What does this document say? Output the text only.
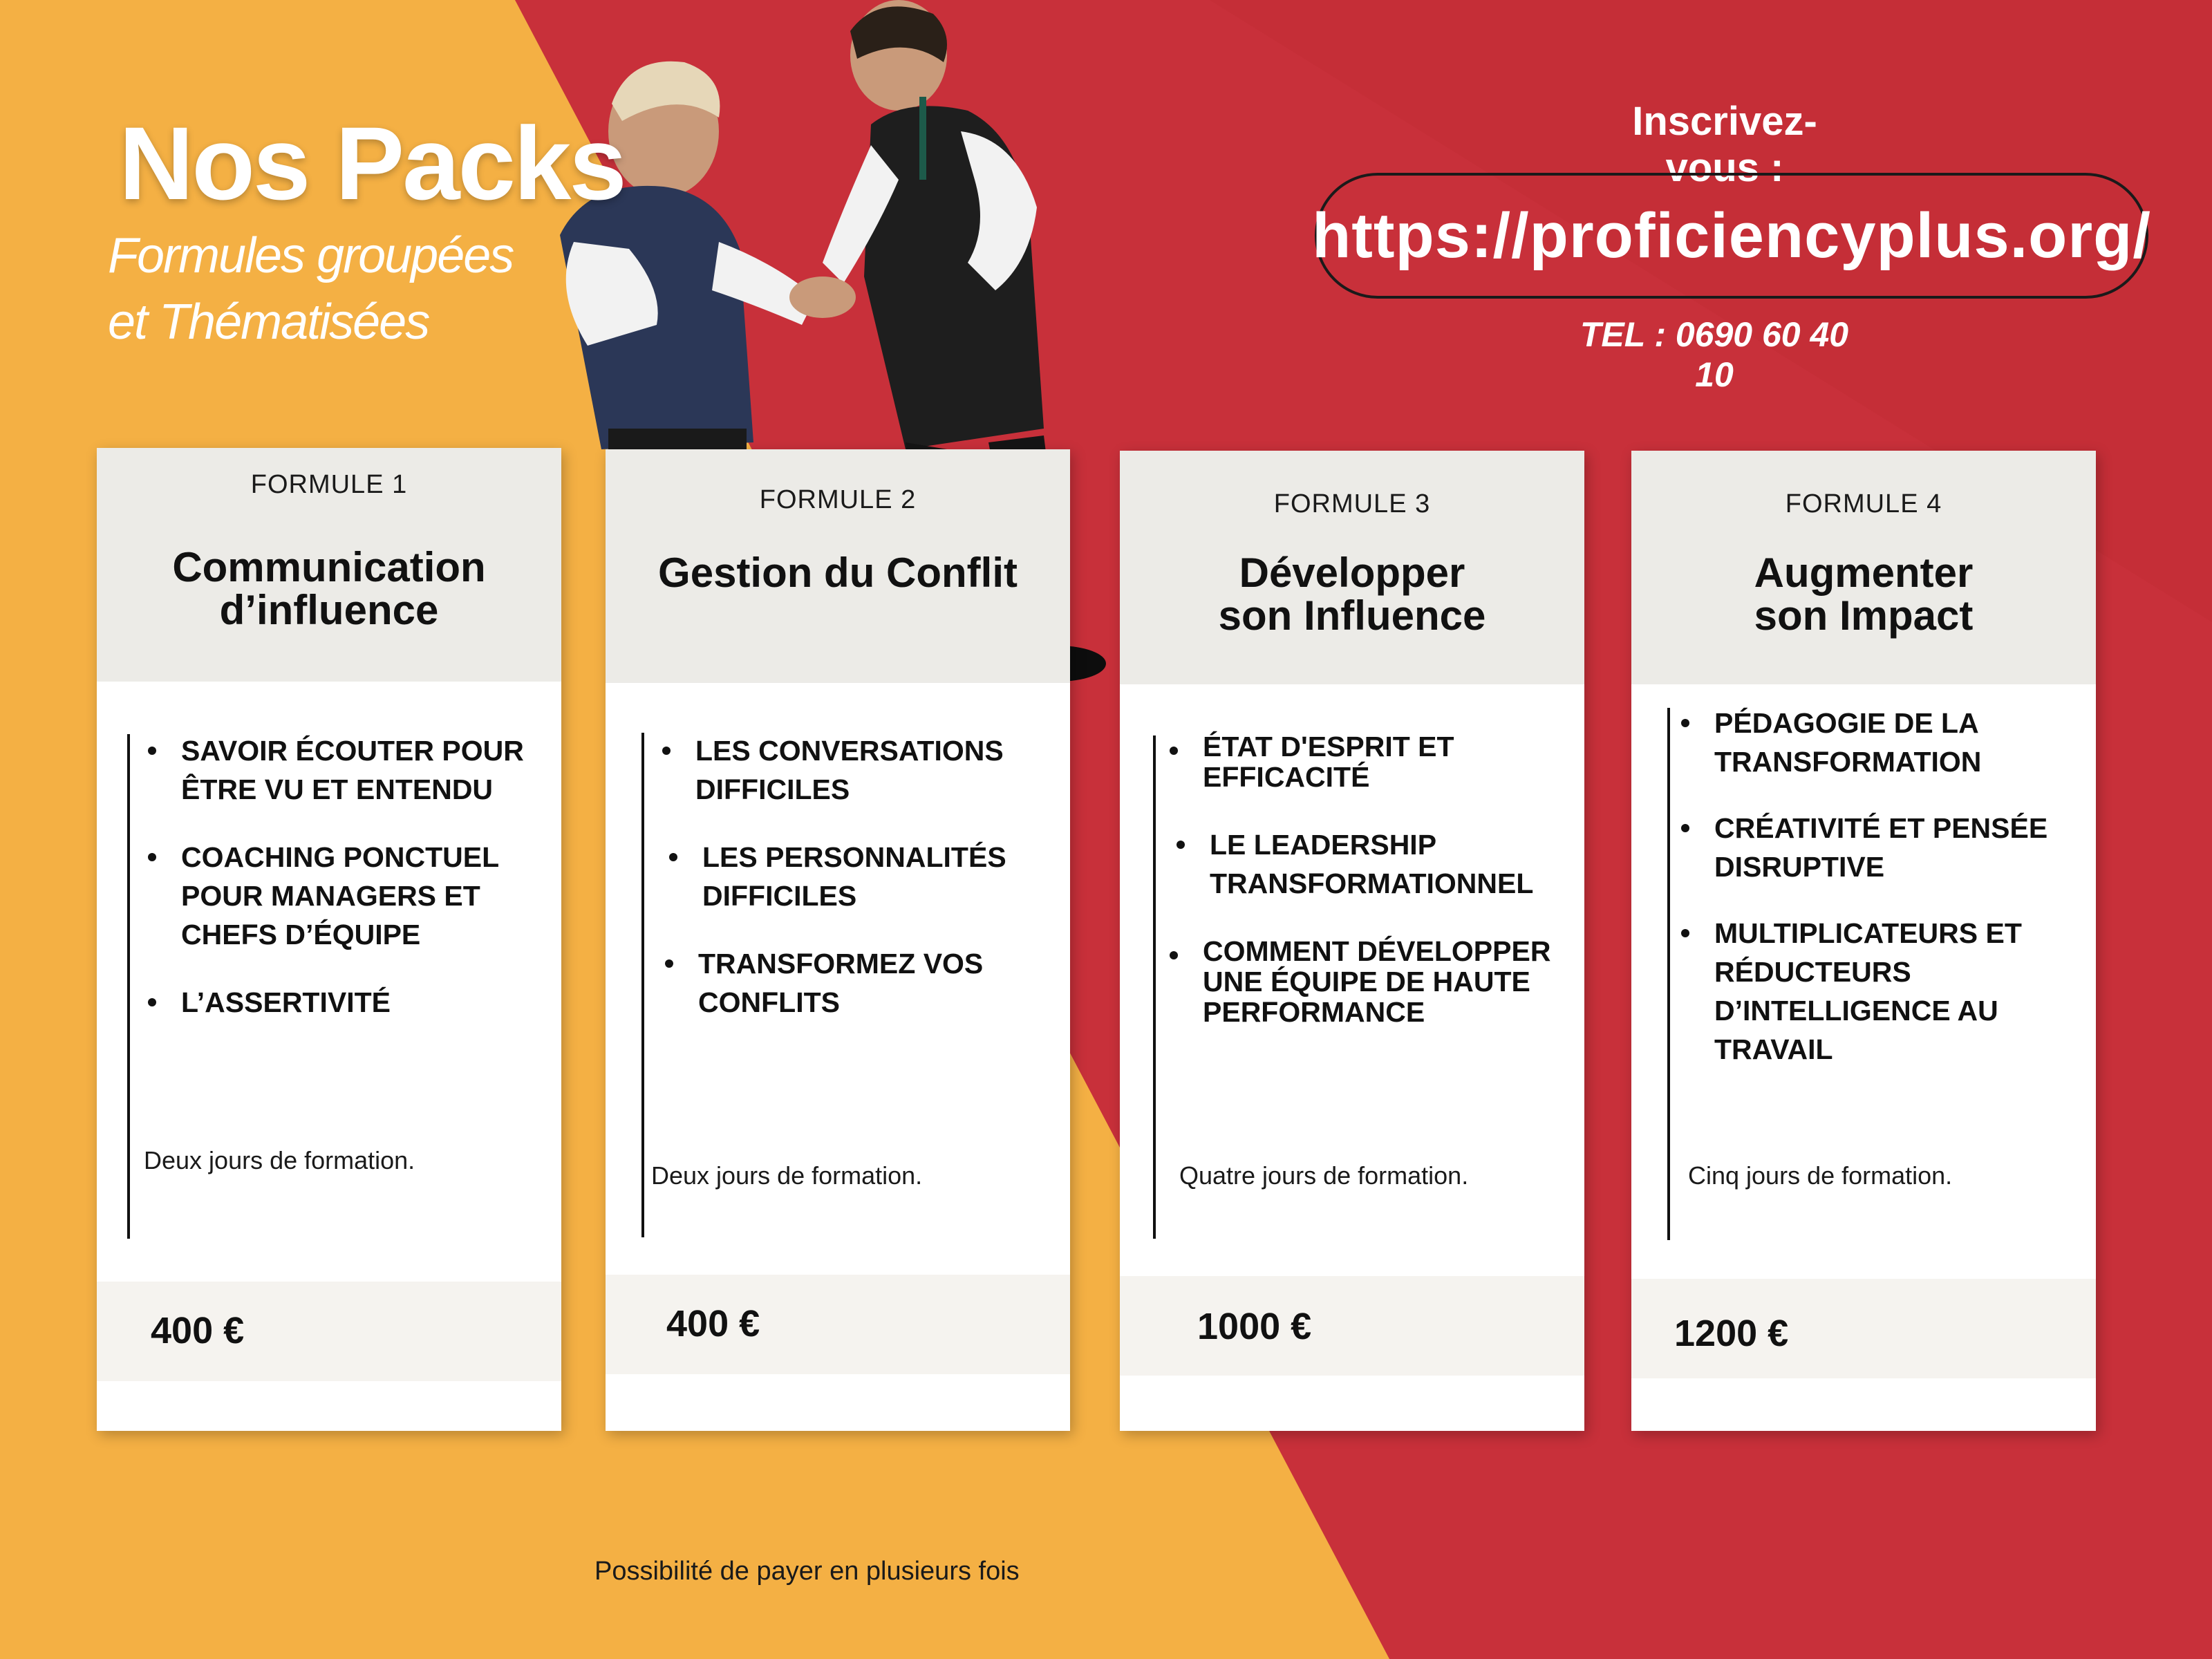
Nos Packs
Formules groupées
et Thématisées
Inscrivez-vous :
https://proficiencyplus.org/
TEL : 0690 60 40 10
FORMULE 1
Communication
d’influence
SAVOIR ÉCOUTER POUR ÊTRE VU ET ENTENDU
COACHING PONCTUEL POUR MANAGERS ET CHEFS D’ÉQUIPE
L’ASSERTIVITÉ
Deux jours de formation.
400 €
FORMULE 2
Gestion du Conflit
LES CONVERSATIONS DIFFICILES
LES PERSONNALITÉS DIFFICILES
TRANSFORMEZ VOS CONFLITS
Deux jours de formation.
400 €
FORMULE 3
Développer
son Influence
ÉTAT D'ESPRIT ET EFFICACITÉ
LE LEADERSHIP TRANSFORMATIONNEL
COMMENT DÉVELOPPER UNE ÉQUIPE DE HAUTE PERFORMANCE
Quatre jours de formation.
1000 €
FORMULE 4
Augmenter
son Impact
PÉDAGOGIE DE LA TRANSFORMATION
CRÉATIVITÉ ET PENSÉE DISRUPTIVE
MULTIPLICATEURS ET RÉDUCTEURS D’INTELLIGENCE AU TRAVAIL
Cinq jours de formation.
1200 €
Possibilité de payer en plusieurs fois
